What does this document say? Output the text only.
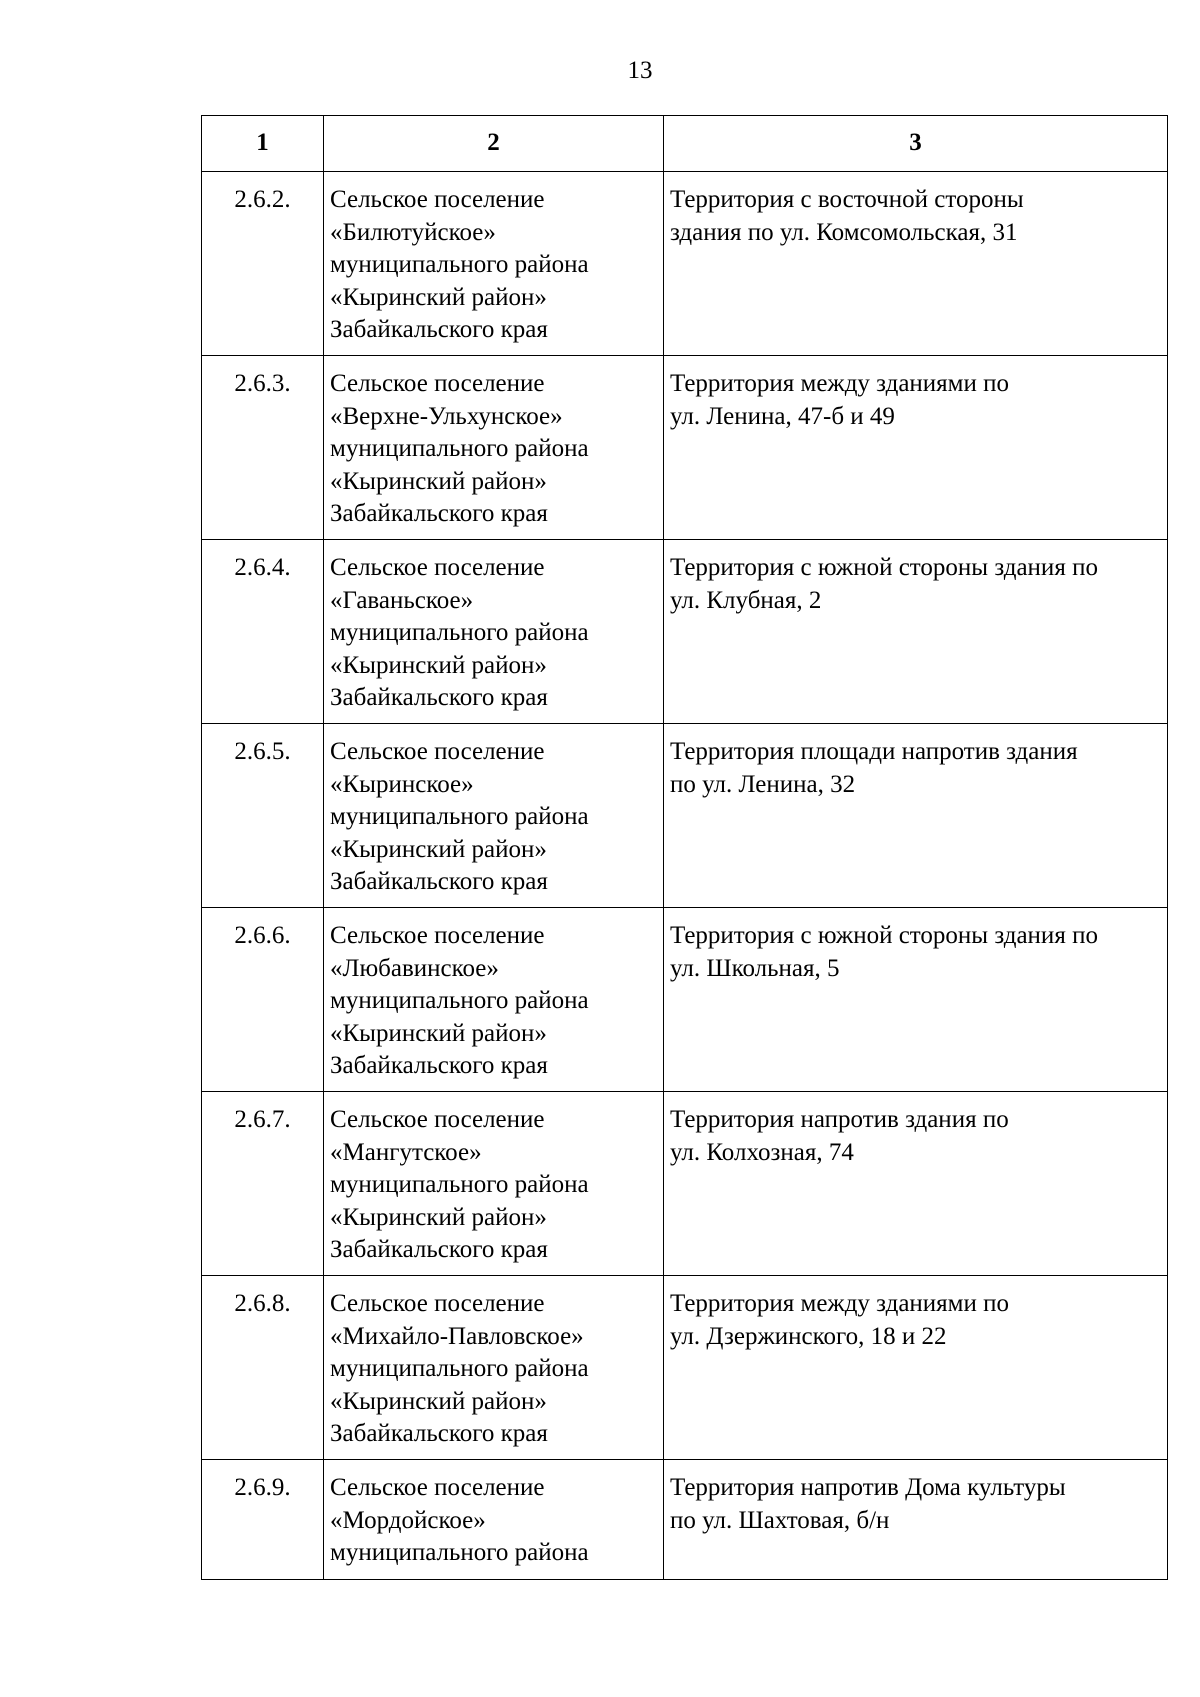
13
1	2	3
2.6.2.	Сельское поселение
«Билютуйское»
муниципального района
«Кыринский район»
Забайкальского края	Территория с восточной стороны
здания по ул. Комсомольская, 31

2.6.3.	Сельское поселение
«Верхне-Ульхунское»
муниципального района
«Кыринский район»
Забайкальского края	Территория между зданиями по
ул. Ленина, 47-б и 49

2.6.4.	Сельское поселение
«Гаваньское»
муниципального района
«Кыринский район»
Забайкальского края	Территория с южной стороны здания по
ул. Клубная, 2

2.6.5.	Сельское поселение
«Кыринское»
муниципального района
«Кыринский район»
Забайкальского края	Территория площади напротив здания
по ул. Ленина, 32

2.6.6.	Сельское поселение
«Любавинское»
муниципального района
«Кыринский район»
Забайкальского края	Территория с южной стороны здания по
ул. Школьная, 5

2.6.7.	Сельское поселение
«Мангутское»
муниципального района
«Кыринский район»
Забайкальского края	Территория напротив здания по
ул. Колхозная, 74

2.6.8.	Сельское поселение
«Михайло-Павловское»
муниципального района
«Кыринский район»
Забайкальского края	Территория между зданиями по
ул. Дзержинского, 18 и 22

2.6.9.	Сельское поселение
«Мордойское»
муниципального района	Территория напротив Дома культуры
по ул. Шахтовая, б/н
